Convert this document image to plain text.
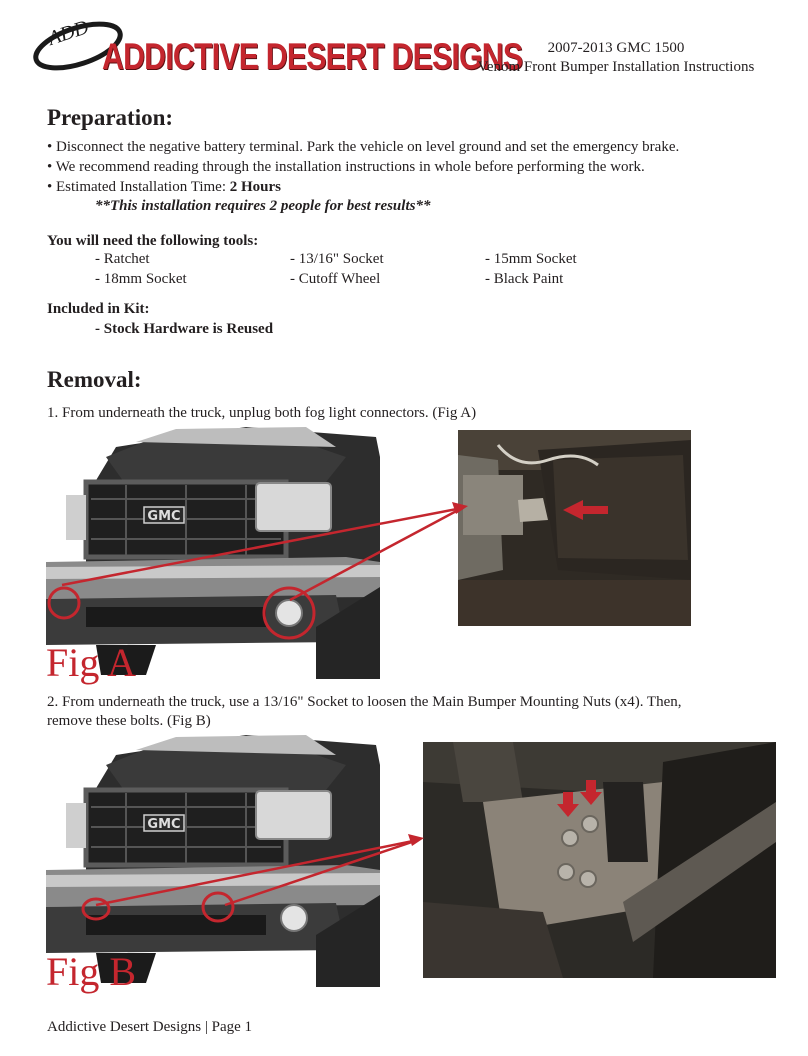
ADD
ADDICTIVE DESERT DESIGNS	2007-2013 GMC 1500
Venom Front Bumper Installation Instructions
Preparation:
• Disconnect the negative battery terminal. Park the vehicle on level ground and set the emergency brake.
• We recommend reading through the installation instructions in whole before performing the work.
• Estimated Installation Time: 2 Hours
**This installation requires 2 people for best results**
You will need the following tools:
- Ratchet	- 13/16" Socket	- 15mm Socket
- 18mm Socket	- Cutoff Wheel	- Black Paint
Included in Kit:
- Stock Hardware is Reused
Removal:
1. From underneath the truck, unplug both fog light connectors. (Fig A)
GMC
Fig A
2. From underneath the truck, use a 13/16" Socket to loosen the Main Bumper Mounting Nuts (x4). Then,
remove these bolts. (Fig B)
GMC
Fig B
Addictive Desert Designs | Page 1
